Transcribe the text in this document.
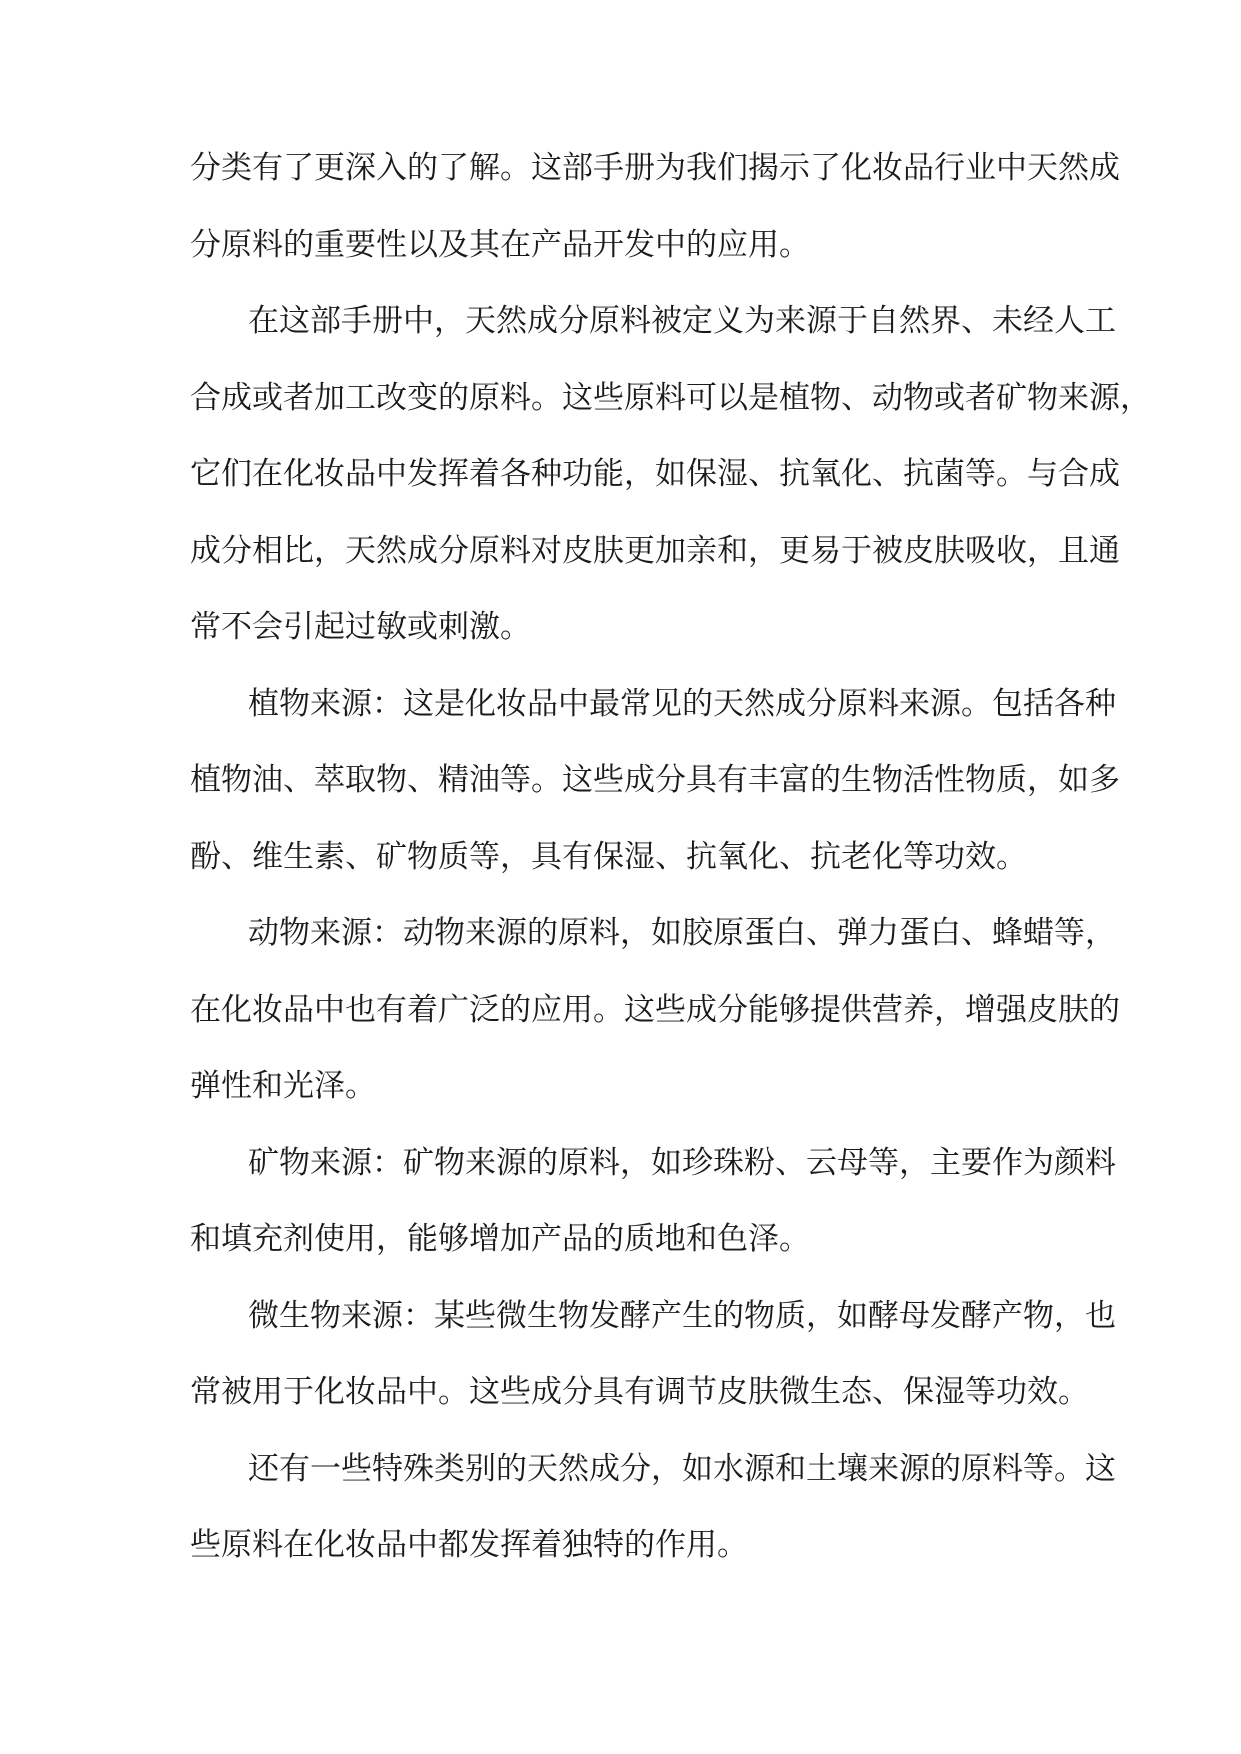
分类有了更深入的了解。这部手册为我们揭示了化妆品行业中天然成
分原料的重要性以及其在产品开发中的应用。
在这部手册中，天然成分原料被定义为来源于自然界、未经人工
合成或者加工改变的原料。这些原料可以是植物、动物或者矿物来源，
它们在化妆品中发挥着各种功能，如保湿、抗氧化、抗菌等。与合成
成分相比，天然成分原料对皮肤更加亲和，更易于被皮肤吸收，且通
常不会引起过敏或刺激。
植物来源：这是化妆品中最常见的天然成分原料来源。包括各种
植物油、萃取物、精油等。这些成分具有丰富的生物活性物质，如多
酚、维生素、矿物质等，具有保湿、抗氧化、抗老化等功效。
动物来源：动物来源的原料，如胶原蛋白、弹力蛋白、蜂蜡等，
在化妆品中也有着广泛的应用。这些成分能够提供营养，增强皮肤的
弹性和光泽。
矿物来源：矿物来源的原料，如珍珠粉、云母等，主要作为颜料
和填充剂使用，能够增加产品的质地和色泽。
微生物来源：某些微生物发酵产生的物质，如酵母发酵产物，也
常被用于化妆品中。这些成分具有调节皮肤微生态、保湿等功效。
还有一些特殊类别的天然成分，如水源和土壤来源的原料等。这
些原料在化妆品中都发挥着独特的作用。
